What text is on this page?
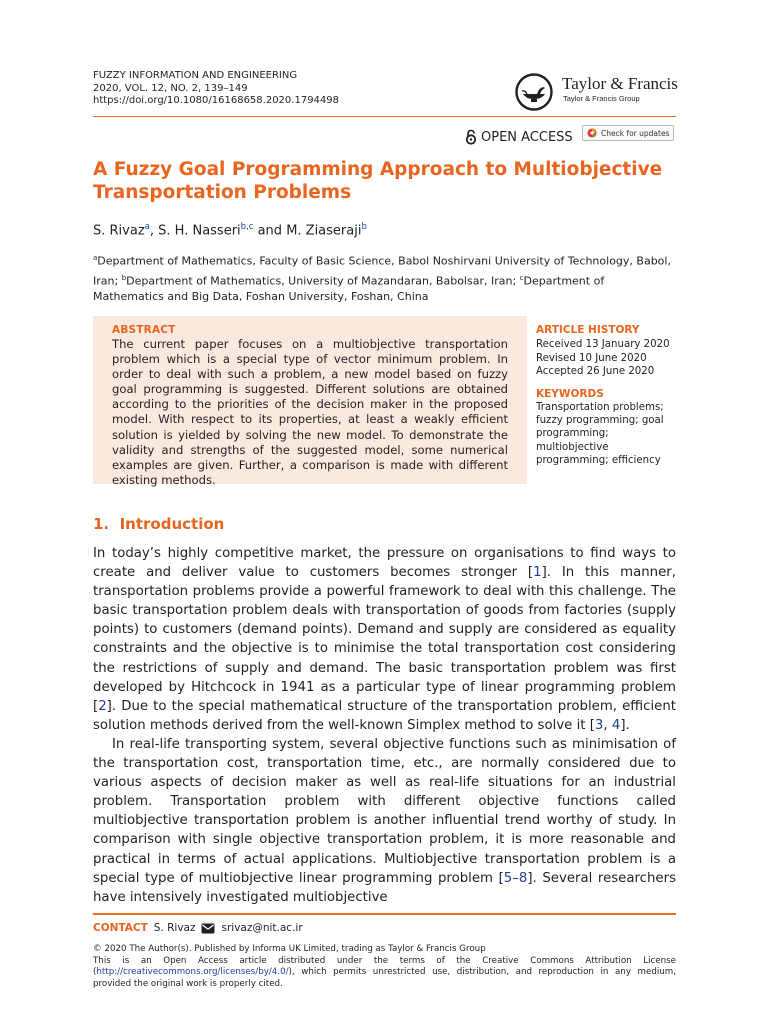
FUZZY INFORMATION AND ENGINEERING
2020, VOL. 12, NO. 2, 139–149
https://doi.org/10.1080/16168658.2020.1794498
Taylor & Francis
Taylor & Francis Group
OPEN ACCESS	Check for updates
A Fuzzy Goal Programming Approach to Multiobjective
Transportation Problems
S. Rivaz$^a$, S. H. Nasseri$^{b,c}$ and M. Ziaseraji$^b$
$^a$Department of Mathematics, Faculty of Basic Science, Babol Noshirvani University of Technology, Babol, Iran; $^b$Department of Mathematics, University of Mazandaran, Babolsar, Iran; $^c$Department of Mathematics and Big Data, Foshan University, Foshan, China
ABSTRACT
The current paper focuses on a multiobjective transportation problem which is a special type of vector minimum problem. In order to deal with such a problem, a new model based on fuzzy goal programming is suggested. Different solutions are obtained according to the priorities of the decision maker in the proposed model. With respect to its properties, at least a weakly efficient solution is yielded by solving the new model. To demonstrate the validity and strengths of the suggested model, some numerical examples are given. Further, a comparison is made with different existing methods.
ARTICLE HISTORY
Received 13 January 2020
Revised 10 June 2020
Accepted 26 June 2020
KEYWORDS
Transportation problems; fuzzy programming; goal programming; multiobjective programming; efficiency
1. Introduction

In today’s highly competitive market, the pressure on organisations to find ways to create and deliver value to customers becomes stronger [1]. In this manner, transportation problems provide a powerful framework to deal with this challenge. The basic transportation problem deals with transportation of goods from factories (supply points) to customers (demand points). Demand and supply are considered as equality constraints and the objective is to minimise the total transportation cost considering the restrictions of supply and demand. The basic transportation problem was first developed by Hitchcock in 1941 as a particular type of linear programming problem [2]. Due to the special mathematical structure of the transportation problem, efficient solution methods derived from the well-known Simplex method to solve it [3, 4].

In real-life transporting system, several objective functions such as minimisation of the transportation cost, transportation time, etc., are normally considered due to various aspects of decision maker as well as real-life situations for an industrial problem. Transportation problem with different objective functions called multiobjective transportation problem is another influential trend worthy of study. In comparison with single objective transportation problem, it is more reasonable and practical in terms of actual applications. Multiobjective transportation problem is a special type of multiobjective linear programming problem [5–8]. Several researchers have intensively investigated multiobjective

CONTACT S. Rivaz srivaz@nit.ac.ir
© 2020 The Author(s). Published by Informa UK Limited, trading as Taylor & Francis Group
This is an Open Access article distributed under the terms of the Creative Commons Attribution License (http://creativecommons.org/licenses/by/4.0/), which permits unrestricted use, distribution, and reproduction in any medium, provided the original work is properly cited.
